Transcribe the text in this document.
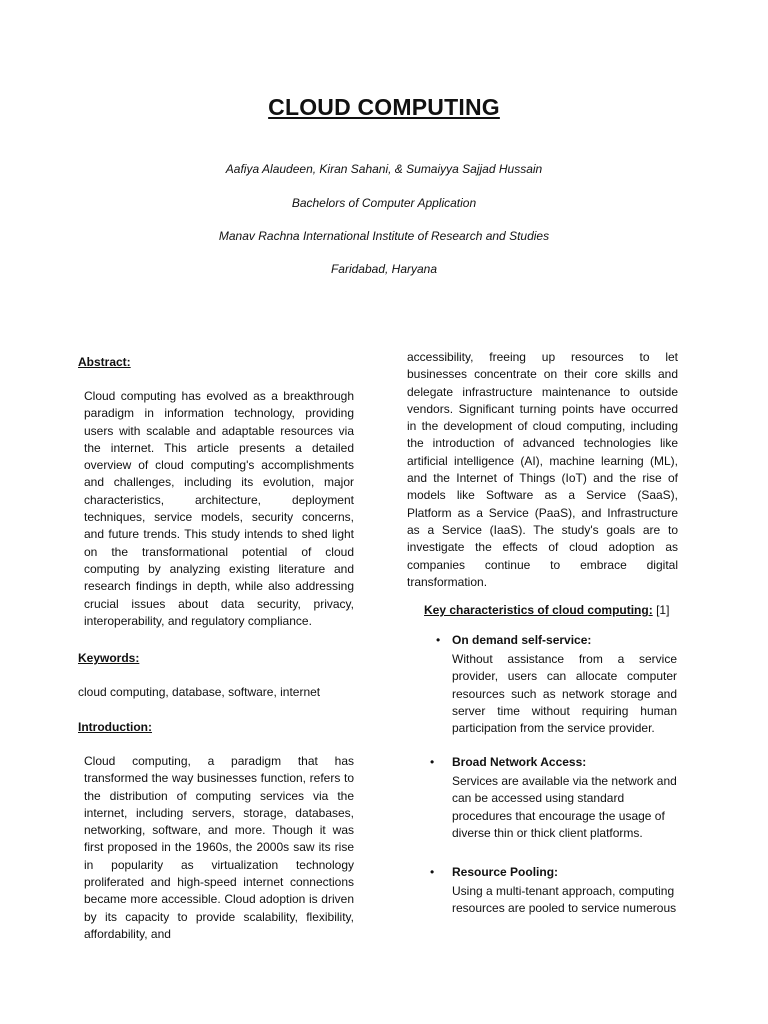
CLOUD COMPUTING
Aafiya Alaudeen, Kiran Sahani, & Sumaiyya Sajjad Hussain
Bachelors of Computer Application
Manav Rachna International Institute of Research and Studies
Faridabad, Haryana
Abstract:
Cloud computing has evolved as a breakthrough paradigm in information technology, providing users with scalable and adaptable resources via the internet. This article presents a detailed overview of cloud computing's accomplishments and challenges, including its evolution, major characteristics, architecture, deployment techniques, service models, security concerns, and future trends. This study intends to shed light on the transformational potential of cloud computing by analyzing existing literature and research findings in depth, while also addressing crucial issues about data security, privacy, interoperability, and regulatory compliance.
Keywords:
cloud computing, database, software, internet
Introduction:
Cloud computing, a paradigm that has transformed the way businesses function, refers to the distribution of computing services via the internet, including servers, storage, databases, networking, software, and more. Though it was first proposed in the 1960s, the 2000s saw its rise in popularity as virtualization technology proliferated and high-speed internet connections became more accessible. Cloud adoption is driven by its capacity to provide scalability, flexibility, affordability, and
accessibility, freeing up resources to let businesses concentrate on their core skills and delegate infrastructure maintenance to outside vendors. Significant turning points have occurred in the development of cloud computing, including the introduction of advanced technologies like artificial intelligence (AI), machine learning (ML), and the Internet of Things (IoT) and the rise of models like Software as a Service (SaaS), Platform as a Service (PaaS), and Infrastructure as a Service (IaaS). The study's goals are to investigate the effects of cloud adoption as companies continue to embrace digital transformation.
Key characteristics of cloud computing: [1]
• On demand self-service:
Without assistance from a service provider, users can allocate computer resources such as network storage and server time without requiring human participation from the service provider.
• Broad Network Access:
Services are available via the network and can be accessed using standard procedures that encourage the usage of diverse thin or thick client platforms.
• Resource Pooling:
Using a multi-tenant approach, computing resources are pooled to service numerous
